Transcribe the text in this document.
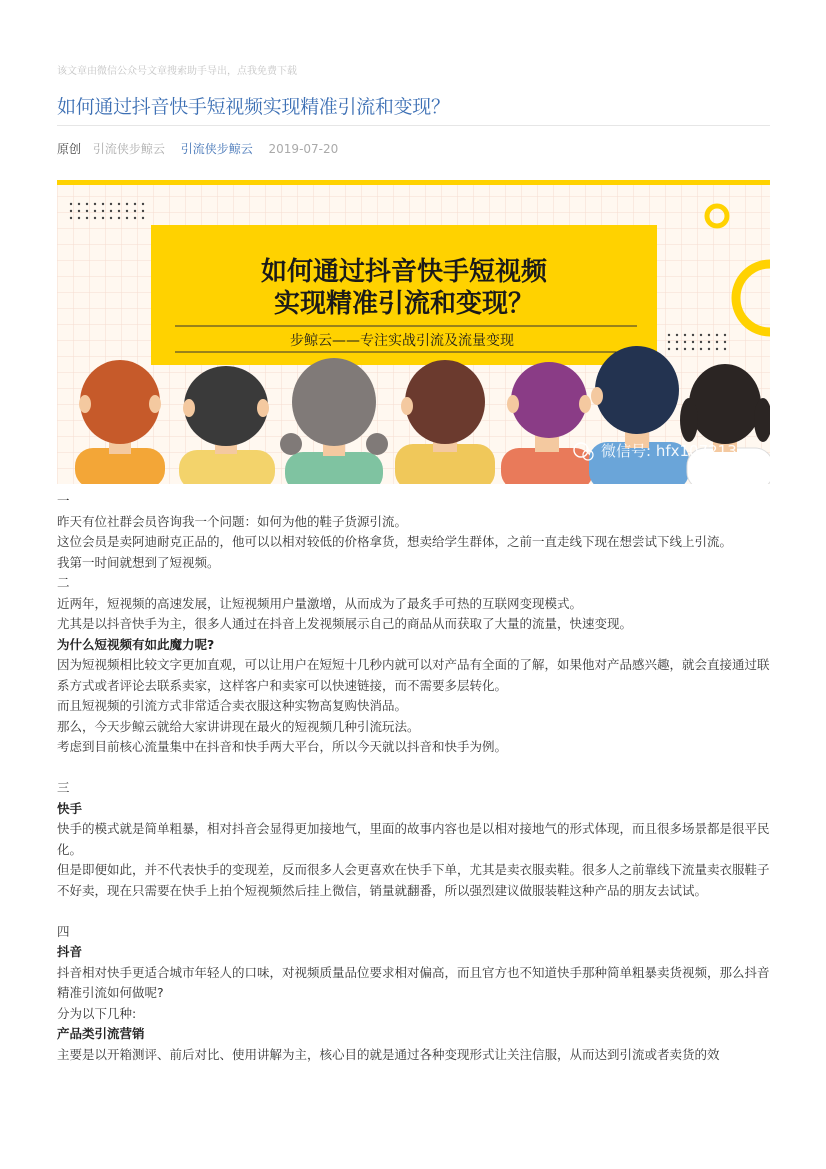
该文章由微信公众号文章搜索助手导出，点我免费下载
如何通过抖音快手短视频实现精准引流和变现？
原创 引流侠步鲸云 引流侠步鲸云 2019-07-20
如何通过抖音快手短视频
实现精准引流和变现？
步鲸云——专注实战引流及流量变现
微信号: hfx107213

一

昨天有位社群会员咨询我一个问题：如何为他的鞋子货源引流。

这位会员是卖阿迪耐克正品的，他可以以相对较低的价格拿货，想卖给学生群体，之前一直走线下现在想尝试下线上引流。

我第一时间就想到了短视频。

二

近两年，短视频的高速发展，让短视频用户量激增，从而成为了最炙手可热的互联网变现模式。

尤其是以抖音快手为主，很多人通过在抖音上发视频展示自己的商品从而获取了大量的流量，快速变现。

为什么短视频有如此魔力呢?

因为短视频相比较文字更加直观，可以让用户在短短十几秒内就可以对产品有全面的了解，如果他对产品感兴趣，就会直接通过联系方式或者评论去联系卖家，这样客户和卖家可以快速链接，而不需要多层转化。

而且短视频的引流方式非常适合卖衣服这种实物高复购快消品。

那么，今天步鲸云就给大家讲讲现在最火的短视频几种引流玩法。

考虑到目前核心流量集中在抖音和快手两大平台，所以今天就以抖音和快手为例。

三

快手

快手的模式就是简单粗暴，相对抖音会显得更加接地气，里面的故事内容也是以相对接地气的形式体现，而且很多场景都是很平民化。

但是即便如此，并不代表快手的变现差，反而很多人会更喜欢在快手下单，尤其是卖衣服卖鞋。很多人之前靠线下流量卖衣服鞋子不好卖，现在只需要在快手上拍个短视频然后挂上微信，销量就翻番，所以强烈建议做服装鞋这种产品的朋友去试试。

四

抖音

抖音相对快手更适合城市年轻人的口味，对视频质量品位要求相对偏高，而且官方也不知道快手那种简单粗暴卖货视频，那么抖音精准引流如何做呢?

分为以下几种:

产品类引流营销

主要是以开箱测评、前后对比、使用讲解为主，核心目的就是通过各种变现形式让关注信服，从而达到引流或者卖货的效
